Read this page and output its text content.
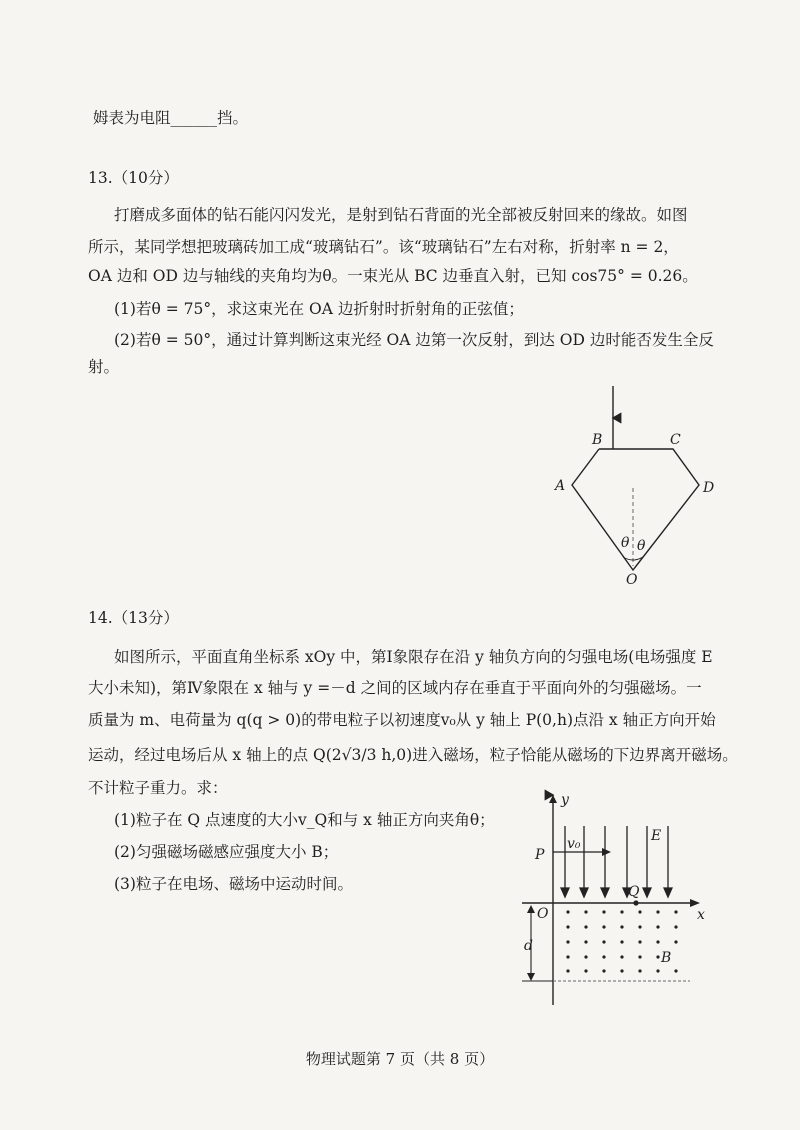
姆表为电阻______挡。
13.（10分）
打磨成多面体的钻石能闪闪发光，是射到钻石背面的光全部被反射回来的缘故。如图
所示，某同学想把玻璃砖加工成“玻璃钻石”。该“玻璃钻石”左右对称，折射率 n = 2，
OA 边和 OD 边与轴线的夹角均为θ。一束光从 BC 边垂直入射，已知 cos75° = 0.26。
(1)若θ = 75°，求这束光在 OA 边折射时折射角的正弦值；
(2)若θ = 50°，通过计算判断这束光经 OA 边第一次反射，到达 OD 边时能否发生全反
射。
B	C
A	D
O
θ θ
14.（13分）
如图所示，平面直角坐标系 xOy 中，第Ⅰ象限存在沿 y 轴负方向的匀强电场(电场强度 E
大小未知)，第Ⅳ象限在 x 轴与 y =－d 之间的区域内存在垂直于平面向外的匀强磁场。一
质量为 m、电荷量为 q(q > 0)的带电粒子以初速度v₀从 y 轴上 P(0,h)点沿 x 轴正方向开始
运动，经过电场后从 x 轴上的点 Q(2√3/3 h,0)进入磁场，粒子恰能从磁场的下边界离开磁场。
不计粒子重力。求：
(1)粒子在 Q 点速度的大小v_Q和与 x 轴正方向夹角θ；
(2)匀强磁场磁感应强度大小 B；
(3)粒子在电场、磁场中运动时间。
y
x
P
O
Q
E
v₀
d
B
物理试题第 7 页（共 8 页）
